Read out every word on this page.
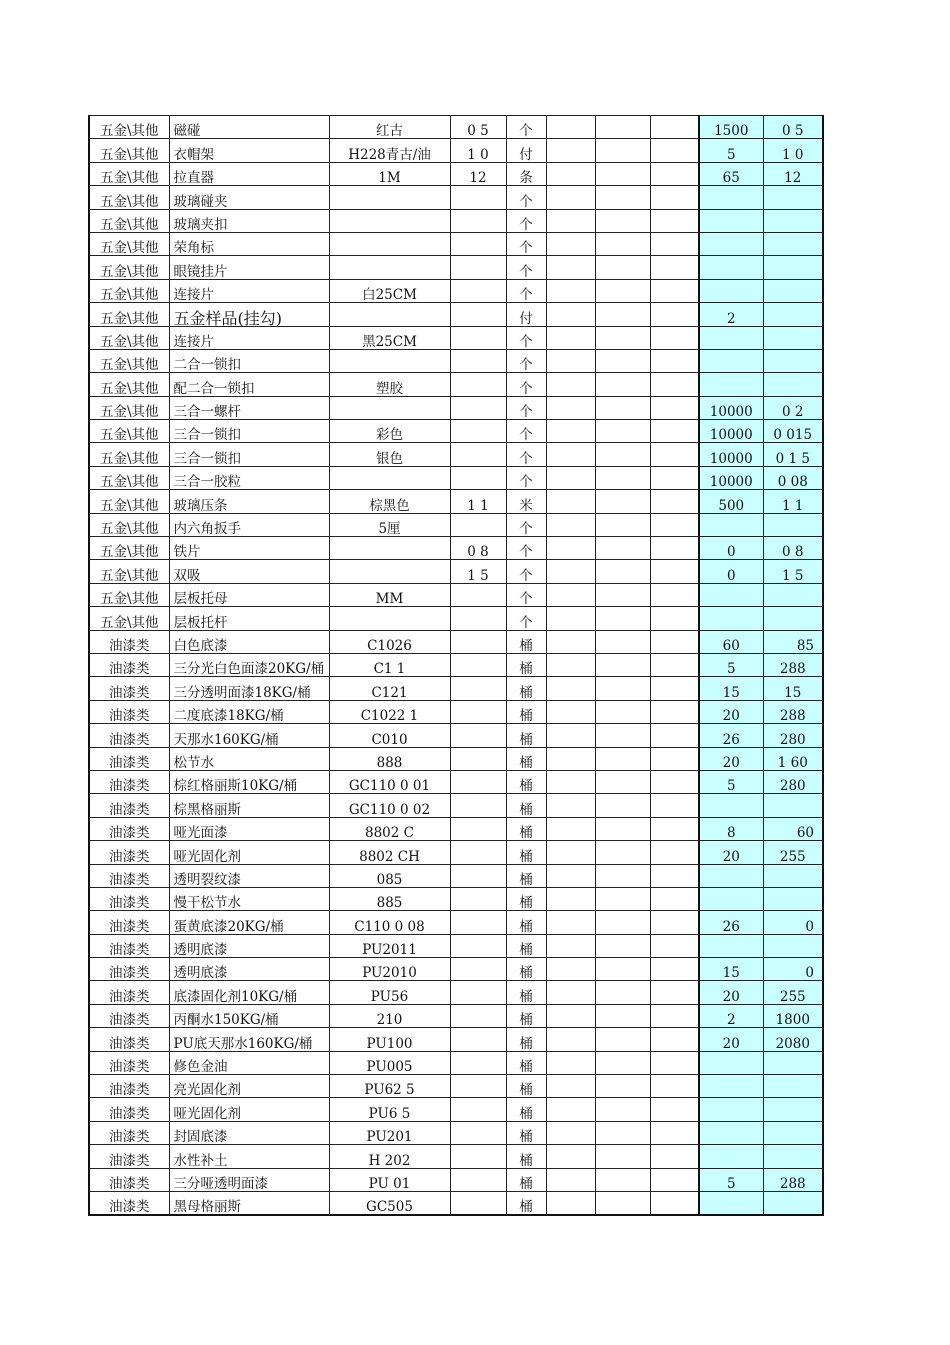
五金\其他	磁碰	红古	0 5	个				1500	0 5
五金\其他	衣帽架	H228青古/油	1 0	付				5	1 0
五金\其他	拉直器	1M	12	条				65	12
五金\其他	玻璃碰夹			个					
五金\其他	玻璃夹扣			个					
五金\其他	荣角标			个					
五金\其他	眼镜挂片			个					
五金\其他	连接片	白25CM		个					
五金\其他	五金样品(挂勾)			付				2	
五金\其他	连接片	黑25CM		个					
五金\其他	二合一锁扣			个					
五金\其他	配二合一锁扣	塑胶		个					
五金\其他	三合一螺杆			个				10000	0 2
五金\其他	三合一锁扣	彩色		个				10000	0 015
五金\其他	三合一锁扣	银色		个				10000	0 1 5
五金\其他	三合一胶粒			个				10000	0 08
五金\其他	玻璃压条	棕黑色	1 1	米				500	1 1
五金\其他	内六角扳手	5厘		个					
五金\其他	铁片		0 8	个				0	0 8
五金\其他	双吸		1 5	个				0	1 5
五金\其他	层板托母	MM		个					
五金\其他	层板托杆			个					
油漆类	白色底漆	C1026		桶				60	85
油漆类	三分光白色面漆20KG/桶	C1 1		桶				5	288
油漆类	三分透明面漆18KG/桶	C121		桶				15	15
油漆类	二度底漆18KG/桶	C1022 1		桶				20	288
油漆类	天那水160KG/桶	C010		桶				26	280
油漆类	松节水	888		桶				20	1 60
油漆类	棕红格丽斯10KG/桶	GC110 0 01		桶				5	280
油漆类	棕黑格丽斯	GC110 0 02		桶					
油漆类	哑光面漆	8802 C		桶				8	60
油漆类	哑光固化剂	8802 CH		桶				20	255
油漆类	透明裂纹漆	085		桶					
油漆类	慢干松节水	885		桶					
油漆类	蛋黄底漆20KG/桶	C110 0 08		桶				26	0
油漆类	透明底漆	PU2011		桶					
油漆类	透明底漆	PU2010		桶				15	0
油漆类	底漆固化剂10KG/桶	PU56		桶				20	255
油漆类	丙酮水150KG/桶	210		桶				2	1800
油漆类	PU底天那水160KG/桶	PU100		桶				20	2080
油漆类	修色金油	PU005		桶					
油漆类	亮光固化剂	PU62 5		桶					
油漆类	哑光固化剂	PU6 5		桶					
油漆类	封固底漆	PU201		桶					
油漆类	水性补土	H 202		桶					
油漆类	三分哑透明面漆	PU 01		桶				5	288
油漆类	黑母格丽斯	GC505		桶					
